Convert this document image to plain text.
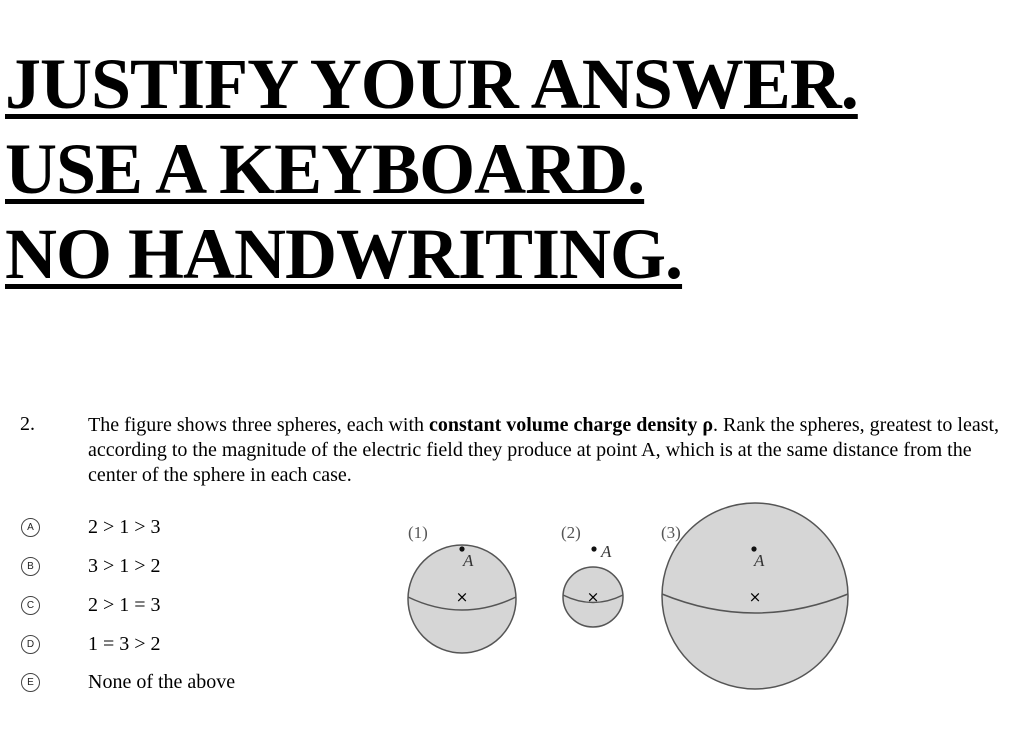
JUSTIFY YOUR ANSWER.
USE A KEYBOARD.
NO HANDWRITING.
2.	The figure shows three spheres, each with constant volume charge density ρ. Rank the spheres, greatest to least, according to the magnitude of the electric field they produce at point A, which is at the same distance from the center of the sphere in each case.
A	2 > 1 > 3
B	3 > 1 > 2
C	2 > 1 = 3
D	1 = 3 > 2
E	None of the above
(1)
A
×
(2)
A
×
(3)
A
×
